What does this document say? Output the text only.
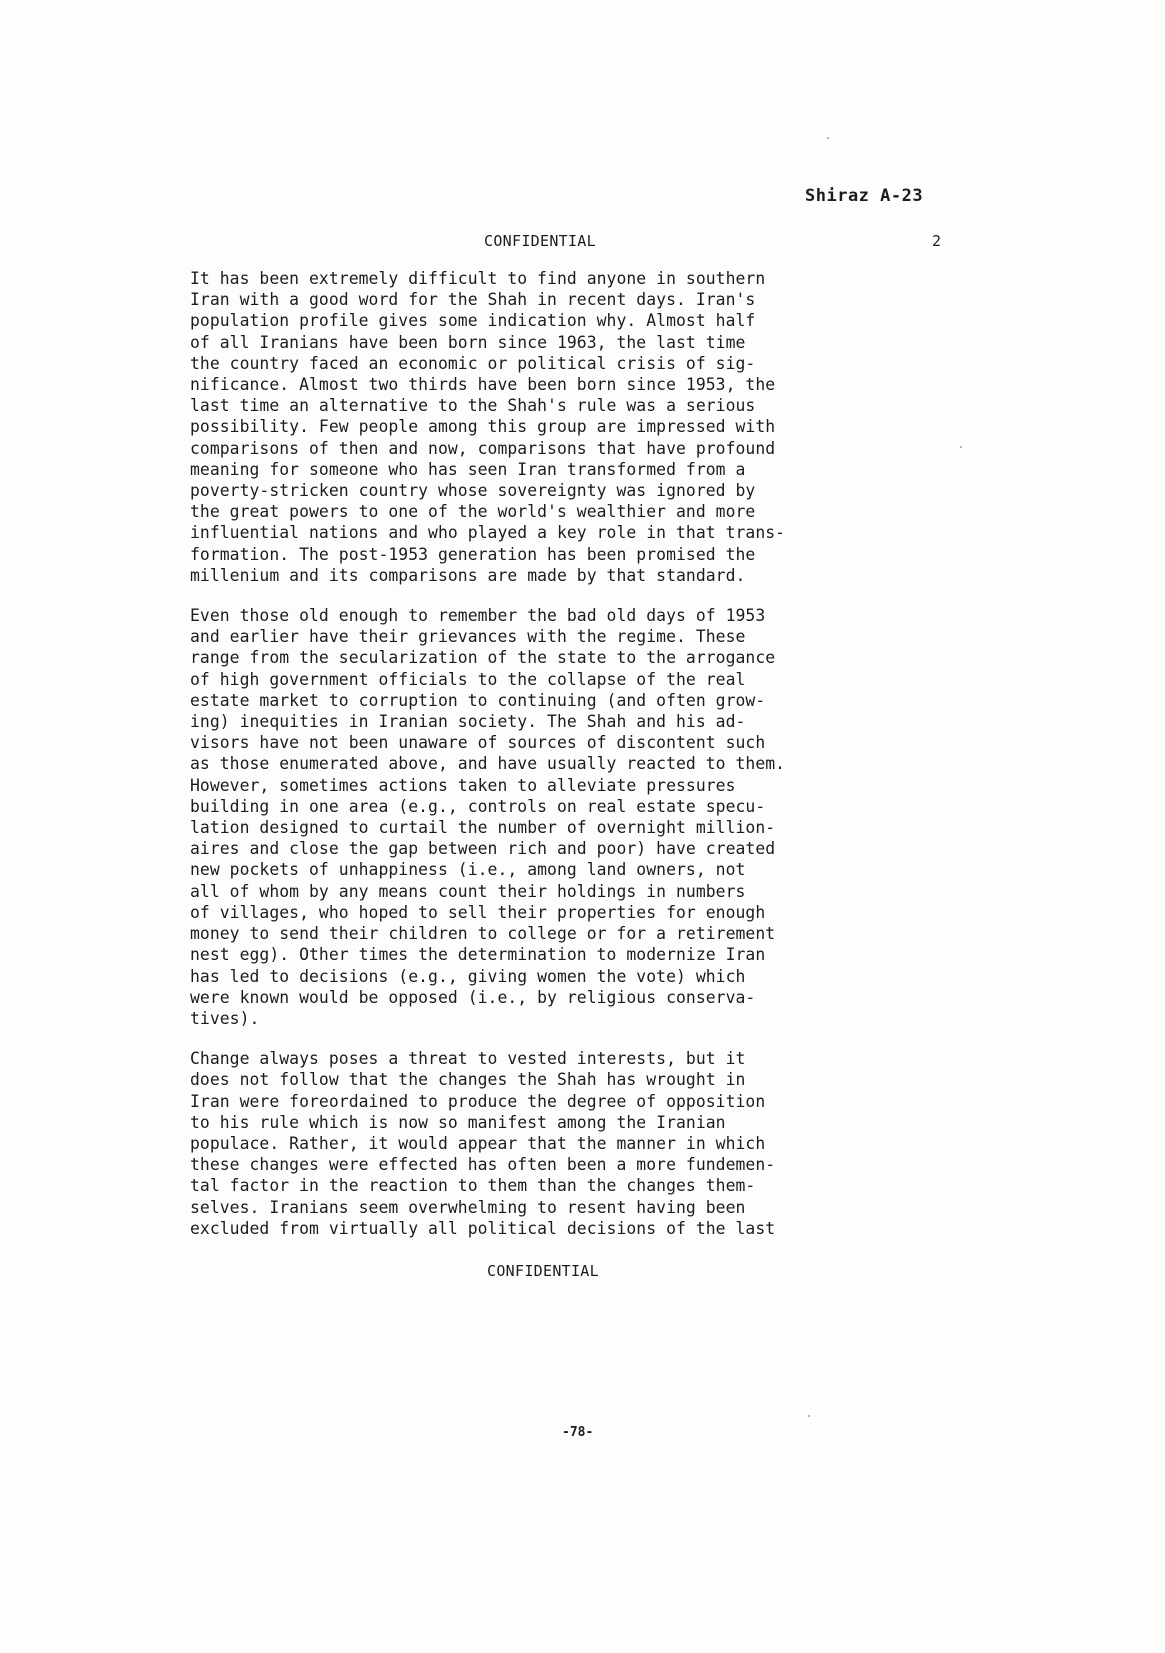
Shiraz A-23
CONFIDENTIAL	2

It has been extremely difficult to find anyone in southern
Iran with a good word for the Shah in recent days. Iran's
population profile gives some indication why. Almost half
of all Iranians have been born since 1963, the last time
the country faced an economic or political crisis of sig-
nificance. Almost two thirds have been born since 1953, the
last time an alternative to the Shah's rule was a serious
possibility. Few people among this group are impressed with
comparisons of then and now, comparisons that have profound
meaning for someone who has seen Iran transformed from a
poverty-stricken country whose sovereignty was ignored by
the great powers to one of the world's wealthier and more
influential nations and who played a key role in that trans-
formation. The post-1953 generation has been promised the
millenium and its comparisons are made by that standard.

Even those old enough to remember the bad old days of 1953
and earlier have their grievances with the regime. These
range from the secularization of the state to the arrogance
of high government officials to the collapse of the real
estate market to corruption to continuing (and often grow-
ing) inequities in Iranian society. The Shah and his ad-
visors have not been unaware of sources of discontent such
as those enumerated above, and have usually reacted to them.
However, sometimes actions taken to alleviate pressures
building in one area (e.g., controls on real estate specu-
lation designed to curtail the number of overnight million-
aires and close the gap between rich and poor) have created
new pockets of unhappiness (i.e., among land owners, not
all of whom by any means count their holdings in numbers
of villages, who hoped to sell their properties for enough
money to send their children to college or for a retirement
nest egg). Other times the determination to modernize Iran
has led to decisions (e.g., giving women the vote) which
were known would be opposed (i.e., by religious conserva-
tives).

Change always poses a threat to vested interests, but it
does not follow that the changes the Shah has wrought in
Iran were foreordained to produce the degree of opposition
to his rule which is now so manifest among the Iranian
populace. Rather, it would appear that the manner in which
these changes were effected has often been a more fundemen-
tal factor in the reaction to them than the changes them-
selves. Iranians seem overwhelming to resent having been
excluded from virtually all political decisions of the last

CONFIDENTIAL
-78-
